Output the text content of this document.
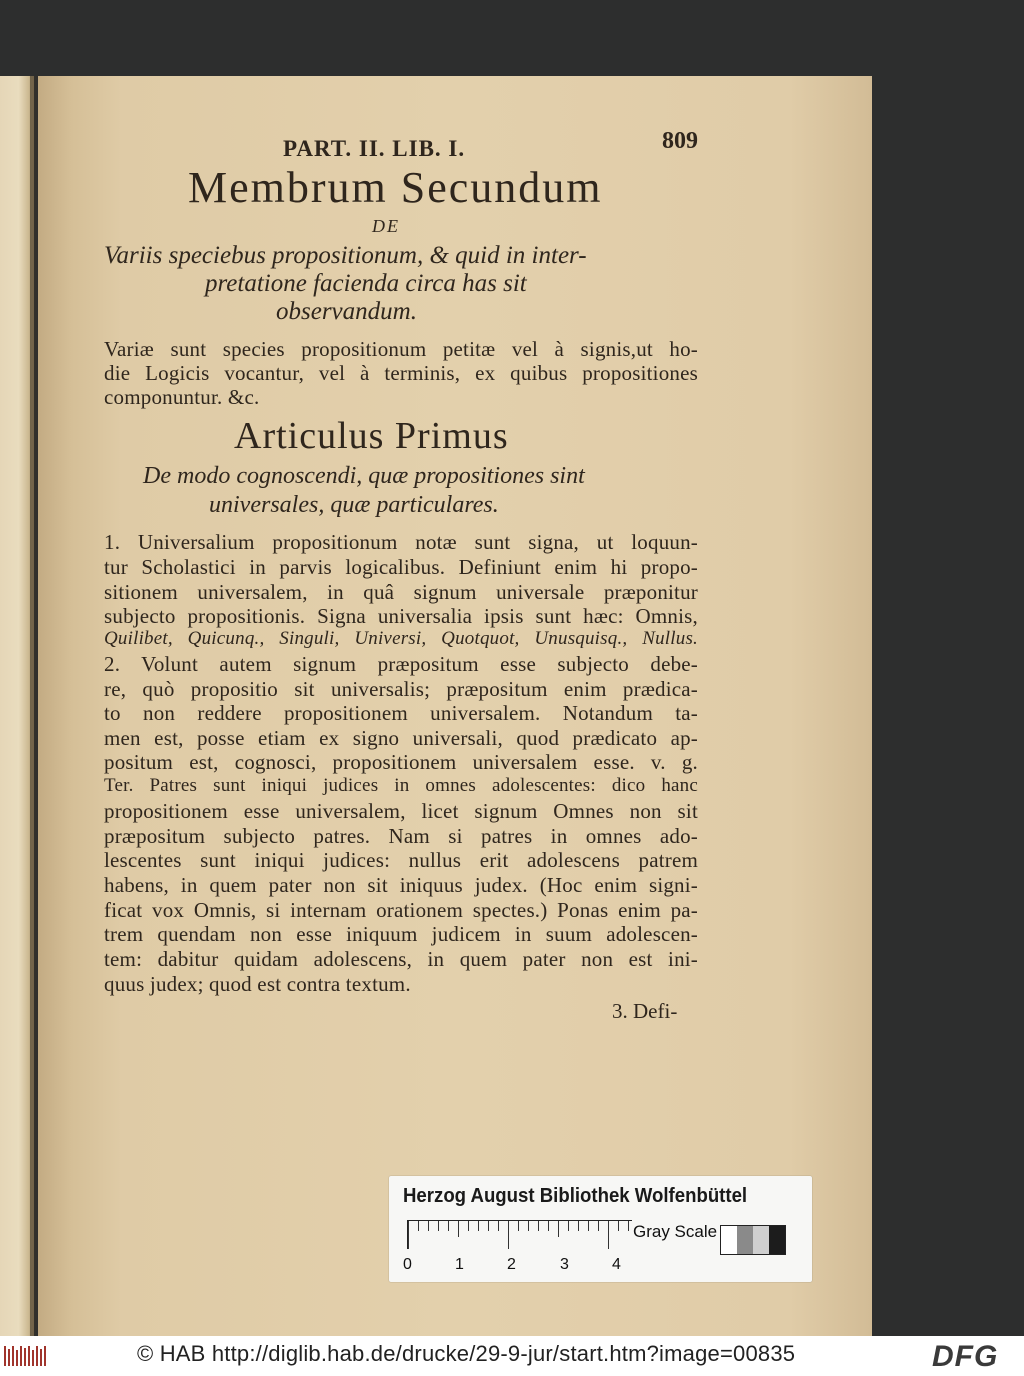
PART. II. LIB. I.	809
Membrum Secundum
DE
Variis speciebus propositionum, & quid in inter-
pretatione facienda circa has sit
observandum.
Variæ sunt species propositionum petitæ vel à signis,ut ho-
die Logicis vocantur, vel à terminis, ex quibus propositiones
componuntur. &c.
Articulus Primus
De modo cognoscendi, quæ propositiones sint
universales, quæ particulares.
1. Universalium propositionum notæ sunt signa, ut loquun-
tur Scholastici in parvis logicalibus. Definiunt enim hi propo-
sitionem universalem, in quâ signum universale præponitur
subjecto propositionis. Signa universalia ipsis sunt hæc: Omnis,
Quilibet, Quicunq., Singuli, Universi, Quotquot, Unusquisq., Nullus.
2. Volunt autem signum præpositum esse subjecto debe-
re, quò propositio sit universalis; præpositum enim prædica-
to non reddere propositionem universalem. Notandum ta-
men est, posse etiam ex signo universali, quod prædicato ap-
positum est, cognosci, propositionem universalem esse. v. g.
Ter. Patres sunt iniqui judices in omnes adolescentes: dico hanc
propositionem esse universalem, licet signum Omnes non sit
præpositum subjecto patres. Nam si patres in omnes ado-
lescentes sunt iniqui judices: nullus erit adolescens patrem
habens, in quem pater non sit iniquus judex. (Hoc enim signi-
ficat vox Omnis, si internam orationem spectes.) Ponas enim pa-
trem quendam non esse iniquum judicem in suum adolescen-
tem: dabitur quidam adolescens, in quem pater non est ini-
quus judex; quod est contra textum.
3. Defi-
Herzog August Bibliothek Wolfenbüttel
0	1	2	3	4
Gray Scale
© HAB http://diglib.hab.de/drucke/29-9-jur/start.htm?image=00835	DFG
